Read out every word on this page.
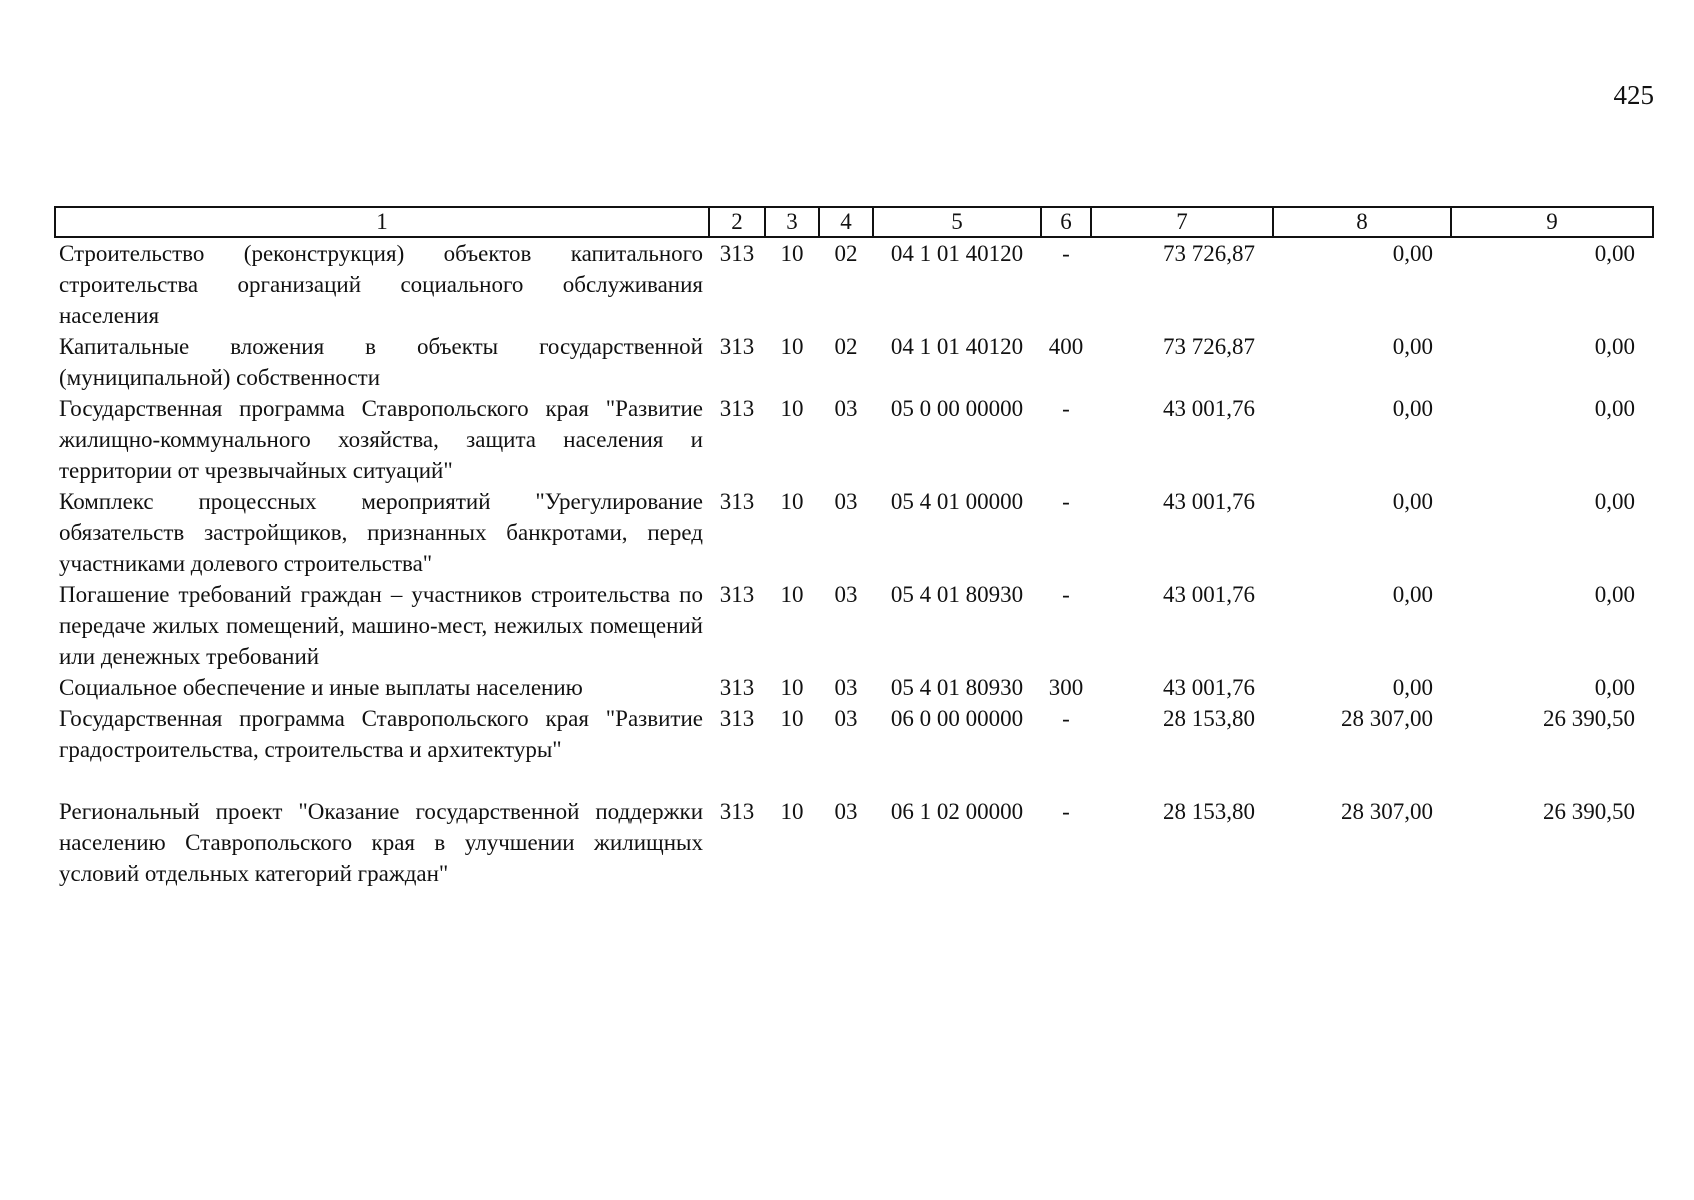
425
1	2	3	4	5	6	7	8	9
Строительство (реконструкция) объектов капитального строительства организаций социального обслуживания населения	313	10	02	04 1 01 40120	-	73 726,87	0,00	0,00
Капитальные вложения в объекты государственной (муниципальной) собственности	313	10	02	04 1 01 40120	400	73 726,87	0,00	0,00
Государственная программа Ставропольского края "Развитие жилищно-коммунального хозяйства, защита населения и территории от чрезвычайных ситуаций"	313	10	03	05 0 00 00000	-	43 001,76	0,00	0,00
Комплекс процессных мероприятий "Урегулирование обязательств застройщиков, признанных банкротами, перед участниками долевого строительства"	313	10	03	05 4 01 00000	-	43 001,76	0,00	0,00
Погашение требований граждан – участников строительства по передаче жилых помещений, машино-мест, нежилых помещений или денежных требований	313	10	03	05 4 01 80930	-	43 001,76	0,00	0,00
Социальное обеспечение и иные выплаты населению	313	10	03	05 4 01 80930	300	43 001,76	0,00	0,00
Государственная программа Ставропольского края "Развитие градостроительства, строительства и архитектуры"	313	10	03	06 0 00 00000	-	28 153,80	28 307,00	26 390,50
Региональный проект "Оказание государственной поддержки населению Ставропольского края в улучшении жилищных условий отдельных категорий граждан"	313	10	03	06 1 02 00000	-	28 153,80	28 307,00	26 390,50
